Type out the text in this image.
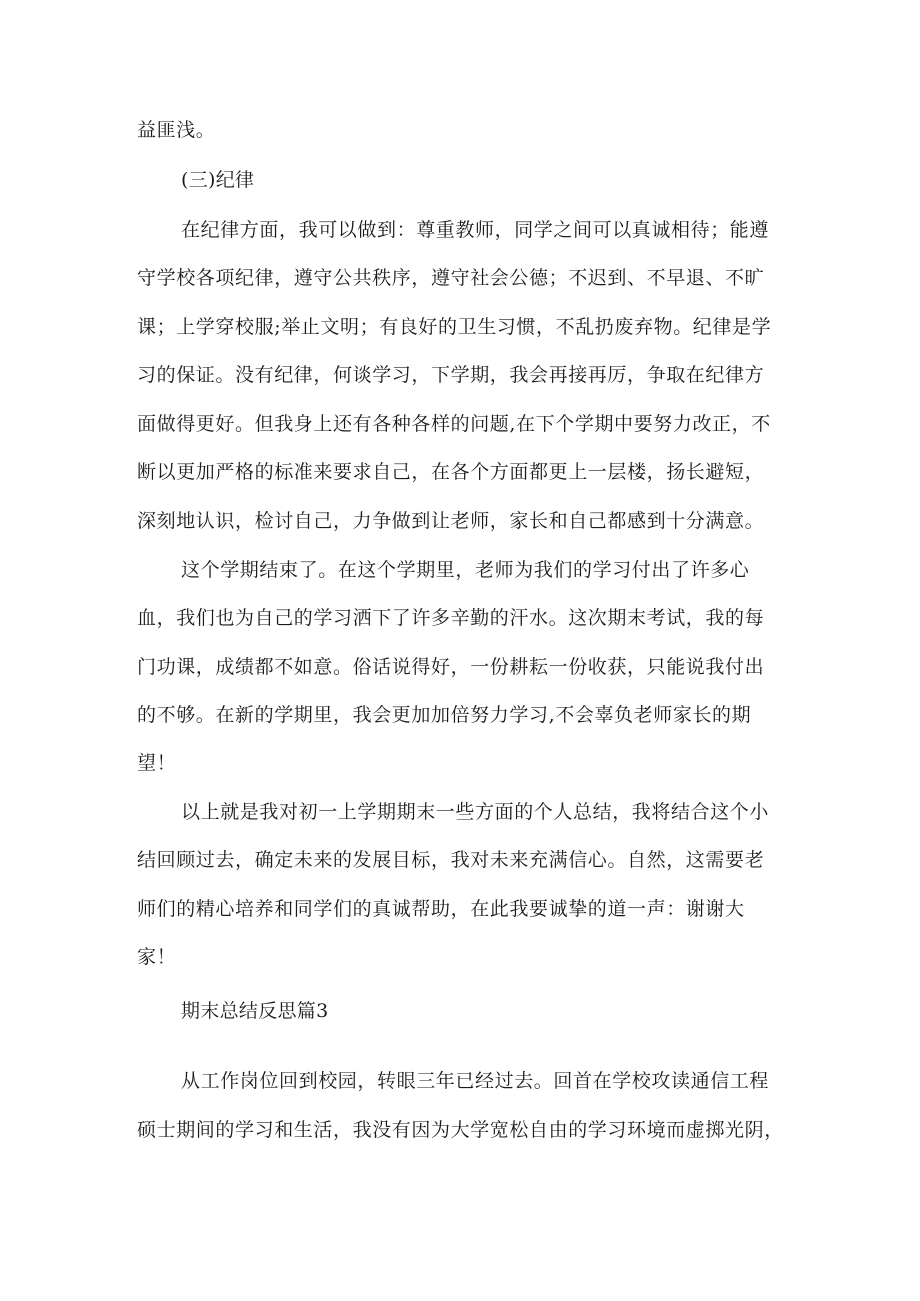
益匪浅。
(三)纪律
在纪律方面，我可以做到：尊重教师，同学之间可以真诚相待；能遵
守学校各项纪律，遵守公共秩序，遵守社会公德；不迟到、不早退、不旷
课；上学穿校服;举止文明；有良好的卫生习惯，不乱扔废弃物。纪律是学
习的保证。没有纪律，何谈学习，下学期，我会再接再厉，争取在纪律方
面做得更好。但我身上还有各种各样的问题,在下个学期中要努力改正，不
断以更加严格的标准来要求自己，在各个方面都更上一层楼，扬长避短，
深刻地认识，检讨自己，力争做到让老师，家长和自己都感到十分满意。
这个学期结束了。在这个学期里，老师为我们的学习付出了许多心
血，我们也为自己的学习洒下了许多辛勤的汗水。这次期末考试，我的每
门功课，成绩都不如意。俗话说得好，一份耕耘一份收获，只能说我付出
的不够。在新的学期里，我会更加加倍努力学习,不会辜负老师家长的期
望！
以上就是我对初一上学期期末一些方面的个人总结，我将结合这个小
结回顾过去，确定未来的发展目标，我对未来充满信心。自然，这需要老
师们的精心培养和同学们的真诚帮助，在此我要诚挚的道一声：谢谢大
家！
期末总结反思篇3
从工作岗位回到校园，转眼三年已经过去。回首在学校攻读通信工程
硕士期间的学习和生活，我没有因为大学宽松自由的学习环境而虚掷光阴，
